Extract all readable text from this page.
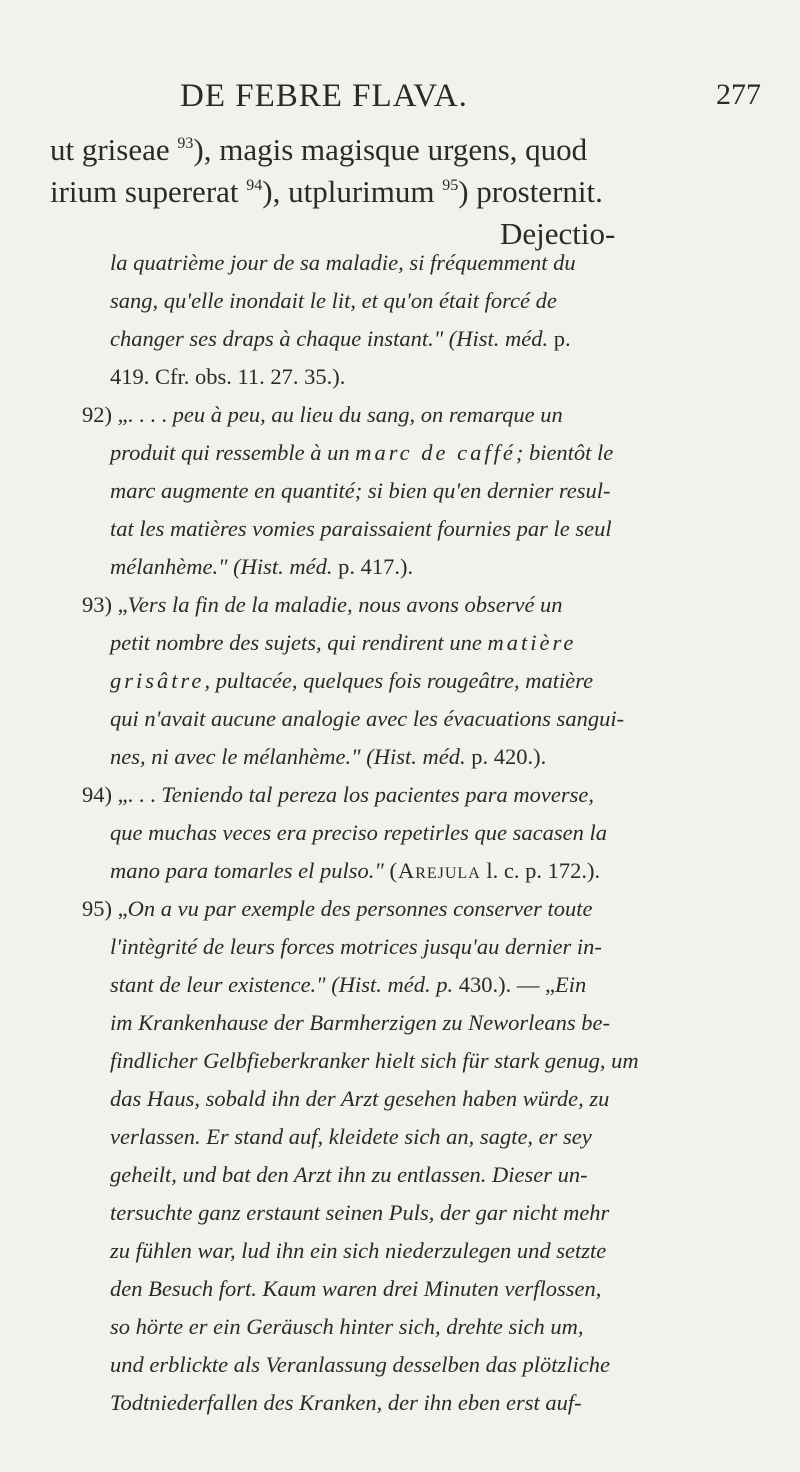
DE FEBRE FLAVA.	277
ut griseae $^{93}$), magis magisque urgens, quod
irium supererat $^{94}$), utplurimum $^{95}$) prosternit.
Dejectio-
la quatrième jour de sa maladie, si fréquemment du
sang, qu'elle inondait le lit, et qu'on était forcé de
changer ses draps à chaque instant." (Hist. méd. p.
419. Cfr. obs. 11. 27. 35.).
92) „. . . . peu à peu, au lieu du sang, on remarque un
produit qui ressemble à un marc de caffé; bientôt le
marc augmente en quantité; si bien qu'en dernier resul-
tat les matières vomies paraissaient fournies par le seul
mélanhème." (Hist. méd. p. 417.).
93) „Vers la fin de la maladie, nous avons observé un
petit nombre des sujets, qui rendirent une matière
grisâtre, pultacée, quelques fois rougeâtre, matière
qui n'avait aucune analogie avec les évacuations sangui-
nes, ni avec le mélanhème." (Hist. méd. p. 420.).
94) „. . . Teniendo tal pereza los pacientes para moverse,
que muchas veces era preciso repetirles que sacasen la
mano para tomarles el pulso." (Arejula l. c. p. 172.).
95) „On a vu par exemple des personnes conserver toute
l'intègrité de leurs forces motrices jusqu'au dernier in-
stant de leur existence." (Hist. méd. p. 430.). — „Ein
im Krankenhause der Barmherzigen zu Neworleans be-
findlicher Gelbfieberkranker hielt sich für stark genug, um
das Haus, sobald ihn der Arzt gesehen haben würde, zu
verlassen. Er stand auf, kleidete sich an, sagte, er sey
geheilt, und bat den Arzt ihn zu entlassen. Dieser un-
tersuchte ganz erstaunt seinen Puls, der gar nicht mehr
zu fühlen war, lud ihn ein sich niederzulegen und setzte
den Besuch fort. Kaum waren drei Minuten verflossen,
so hörte er ein Geräusch hinter sich, drehte sich um,
und erblickte als Veranlassung desselben das plötzliche
Todtniederfallen des Kranken, der ihn eben erst auf-
